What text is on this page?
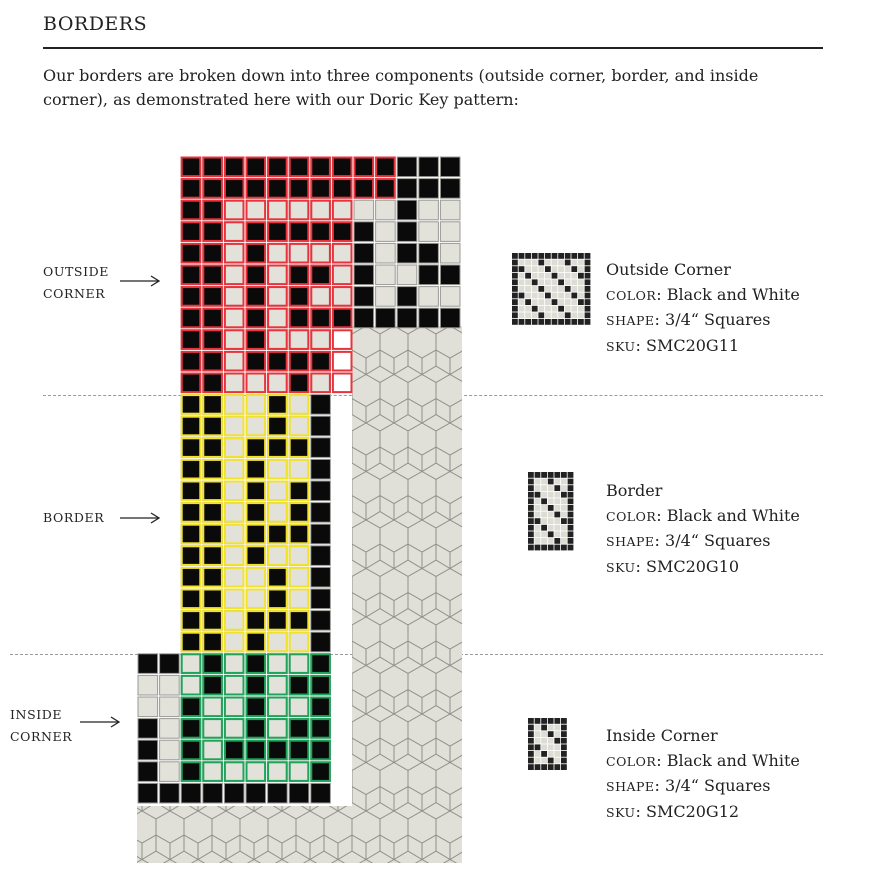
BORDERS
Our borders are broken down into three components (outside corner, border, and inside corner), as demonstrated here with our Doric Key pattern:
OUTSIDE
CORNER
BORDER
INSIDE
CORNER
Outside Corner
COLOR: Black and White
SHAPE: 3/4“ Squares
SKU: SMC20G11
Border
COLOR: Black and White
SHAPE: 3/4“ Squares
SKU: SMC20G10
Inside Corner
COLOR: Black and White
SHAPE: 3/4“ Squares
SKU: SMC20G12
